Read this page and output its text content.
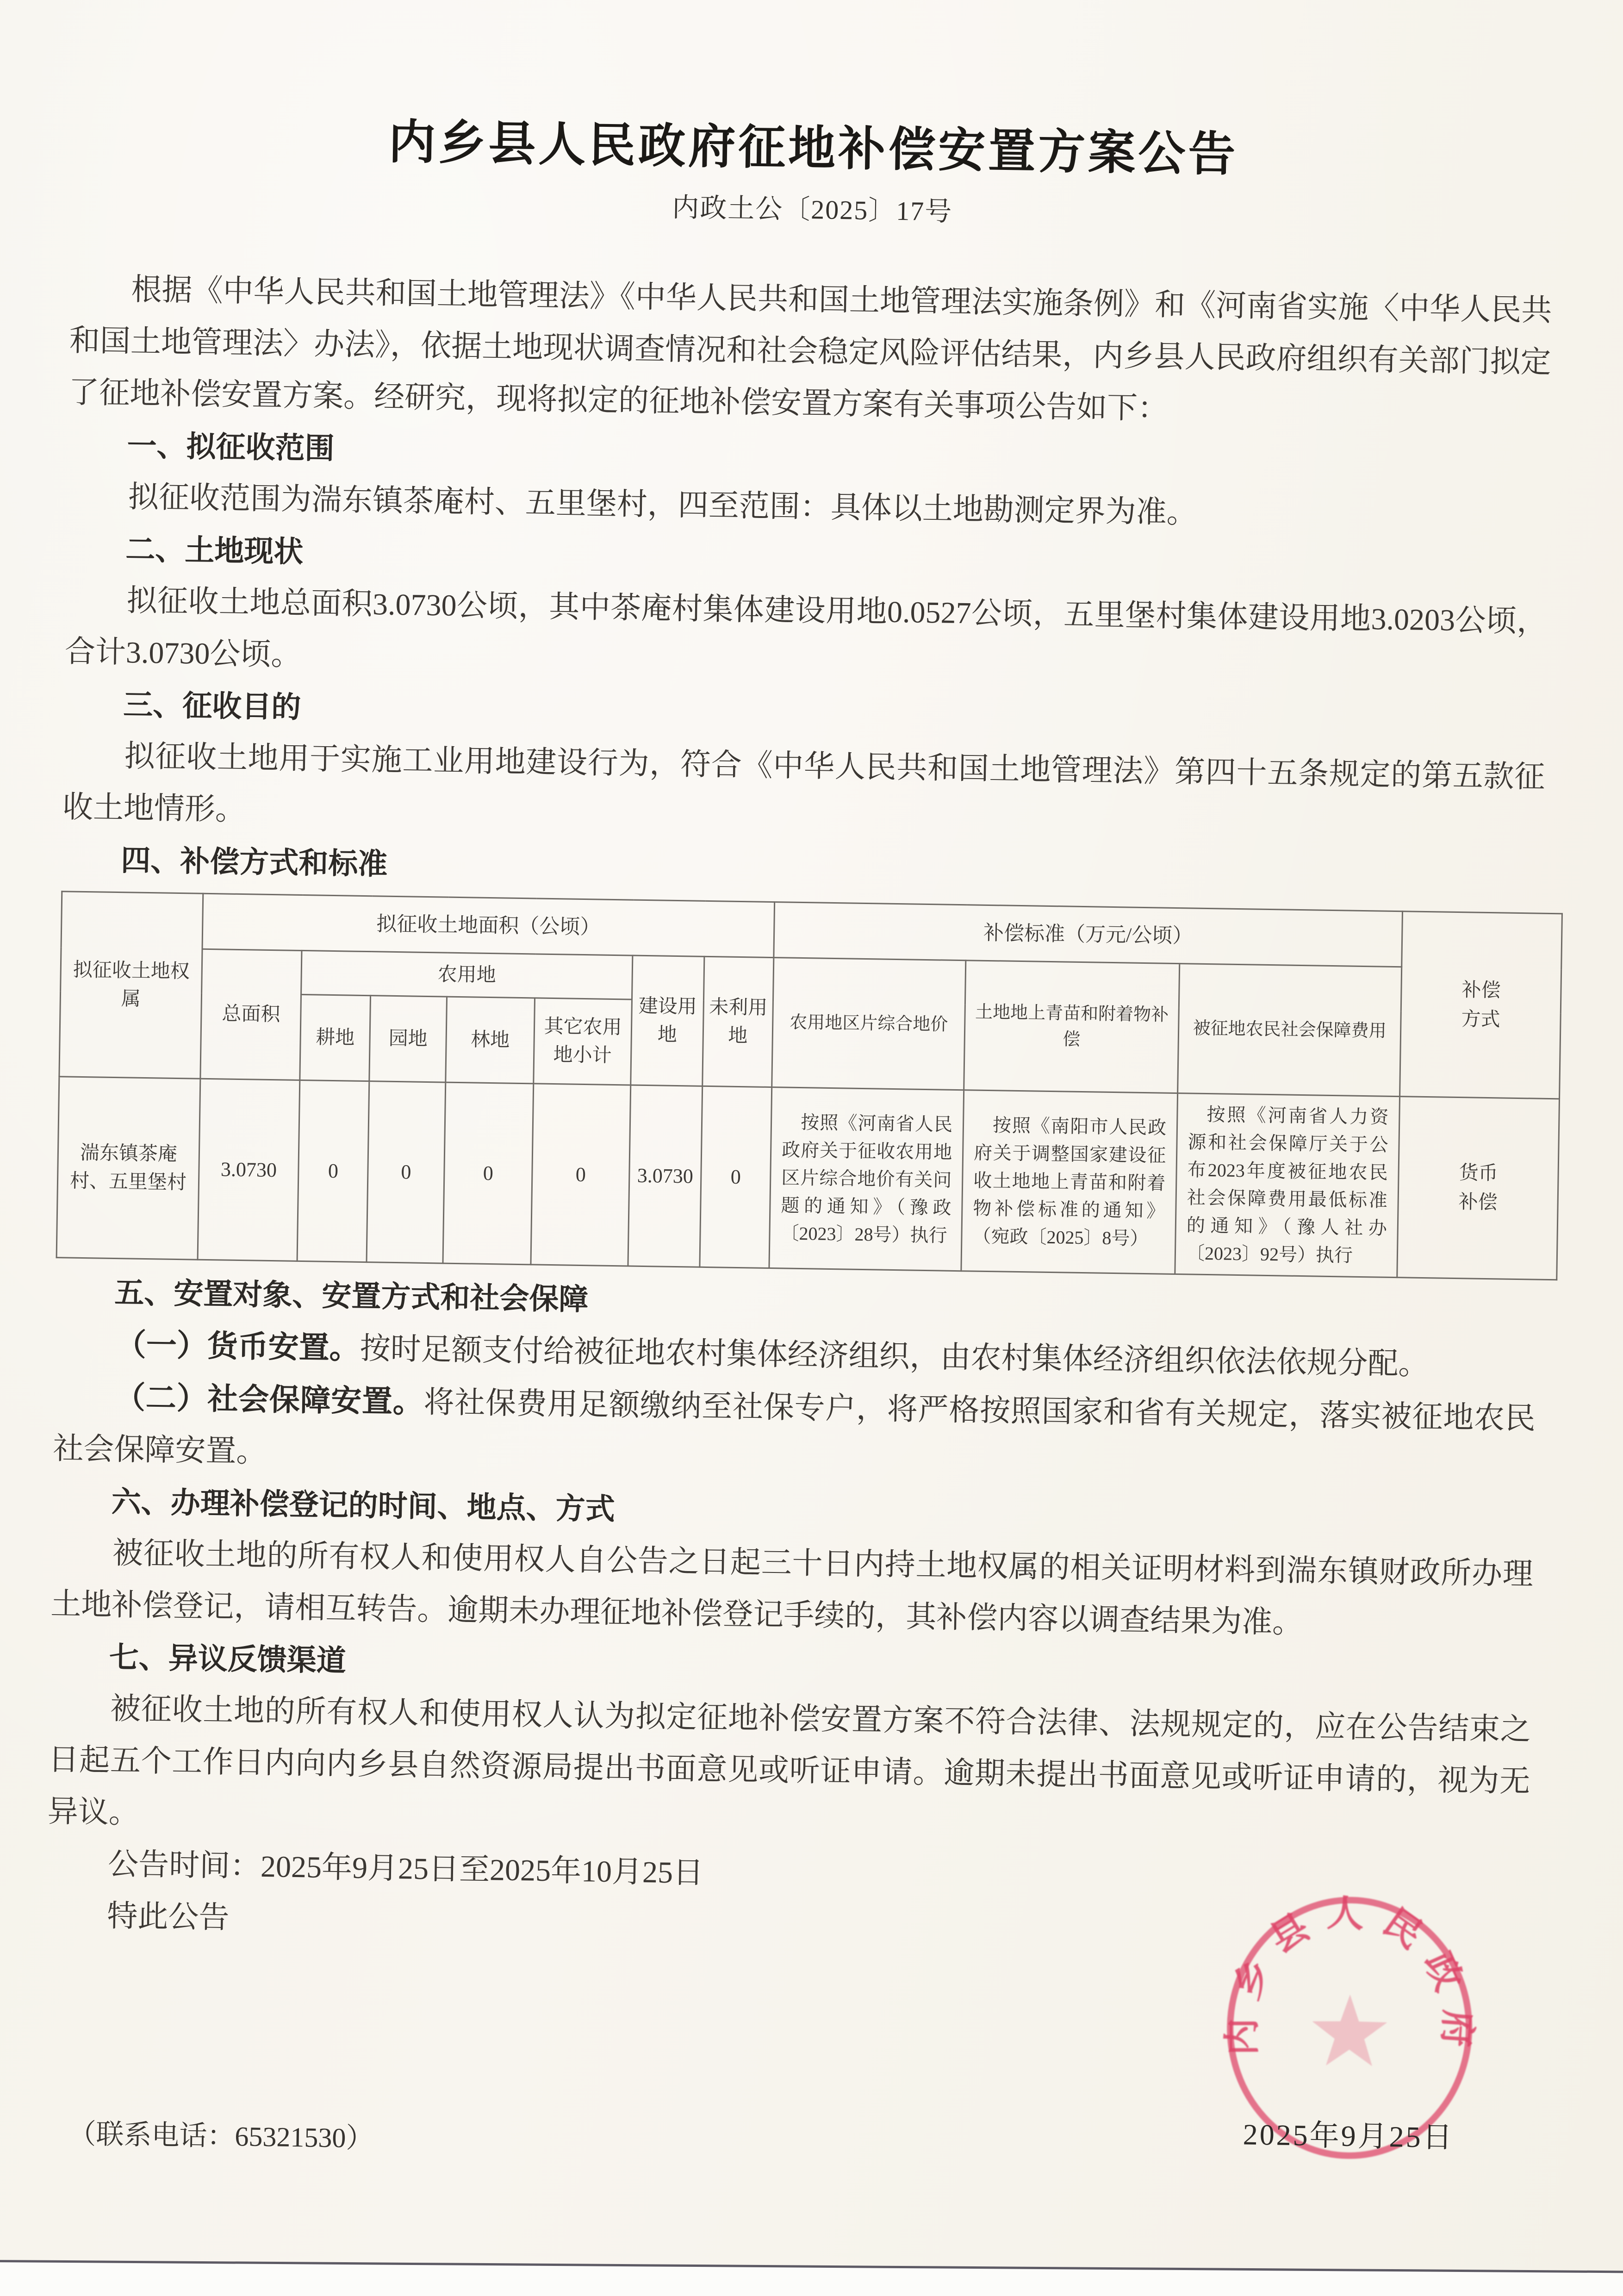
内乡县人民政府征地补偿安置方案公告

内政土公〔2025〕17号

根据《中华人民共和国土地管理法》《中华人民共和国土地管理法实施条例》和《河南省实施〈中华人民共和国土地管理法〉办法》，依据土地现状调查情况和社会稳定风险评估结果，内乡县人民政府组织有关部门拟定了征地补偿安置方案。经研究，现将拟定的征地补偿安置方案有关事项公告如下：

一、拟征收范围

拟征收范围为湍东镇茶庵村、五里堡村，四至范围：具体以土地勘测定界为准。

二、土地现状

拟征收土地总面积3.0730公顷，其中茶庵村集体建设用地0.0527公顷，五里堡村集体建设用地3.0203公顷，合计3.0730公顷。

三、征收目的

拟征收土地用于实施工业用地建设行为，符合《中华人民共和国土地管理法》第四十五条规定的第五款征收土地情形。

四、补偿方式和标准

拟征收土地权属	拟征收土地面积（公顷）							补偿标准（万元/公顷）			补偿方式
	总面积	农用地				建设用地	未利用地	农用地区片综合地价	土地地上青苗和附着物补偿	被征地农民社会保障费用	
		耕地	园地	林地	其它农用地小计						
湍东镇茶庵村、五里堡村	3.0730	0	0	0	0	3.0730	0	按照《河南省人民政府关于征收农用地区片综合地价有关问题的通知》（豫政〔2023〕28号）执行	按照《南阳市人民政府关于调整国家建设征收土地地上青苗和附着物补偿标准的通知》（宛政〔2025〕8号）	按照《河南省人力资源和社会保障厅关于公布2023年度被征地农民社会保障费用最低标准的通知》（豫人社办〔2023〕92号）执行	货币补偿

五、安置对象、安置方式和社会保障

（一）货币安置。按时足额支付给被征地农村集体经济组织，由农村集体经济组织依法依规分配。

（二）社会保障安置。将社保费用足额缴纳至社保专户，将严格按照国家和省有关规定，落实被征地农民社会保障安置。

六、办理补偿登记的时间、地点、方式

被征收土地的所有权人和使用权人自公告之日起三十日内持土地权属的相关证明材料到湍东镇财政所办理土地补偿登记，请相互转告。逾期未办理征地补偿登记手续的，其补偿内容以调查结果为准。

七、异议反馈渠道

被征收土地的所有权人和使用权人认为拟定征地补偿安置方案不符合法律、法规规定的，应在公告结束之日起五个工作日内向内乡县自然资源局提出书面意见或听证申请。逾期未提出书面意见或听证申请的，视为无异议。

公告时间：2025年9月25日至2025年10月25日

特此公告

内乡县人民政府
2025年9月25日
（联系电话：65321530）
